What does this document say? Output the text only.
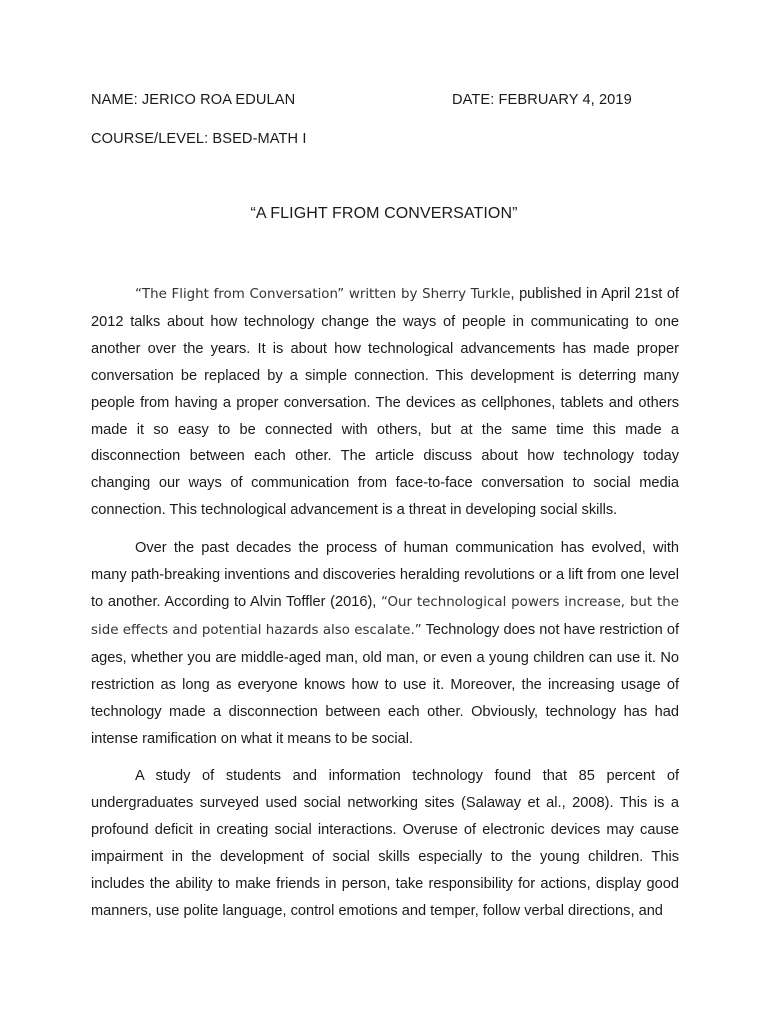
NAME: JERICO ROA EDULAN	DATE: FEBRUARY 4, 2019
COURSE/LEVEL: BSED-MATH I
“A FLIGHT FROM CONVERSATION”

“The Flight from Conversation” written by Sherry Turkle, published in April 21st of 2012 talks about how technology change the ways of people in communicating to one another over the years. It is about how technological advancements has made proper conversation be replaced by a simple connection. This development is deterring many people from having a proper conversation. The devices as cellphones, tablets and others made it so easy to be connected with others, but at the same time this made a disconnection between each other. The article discuss about how technology today changing our ways of communication from face-to-face conversation to social media connection. This technological advancement is a threat in developing social skills.

Over the past decades the process of human communication has evolved, with many path-breaking inventions and discoveries heralding revolutions or a lift from one level to another. According to Alvin Toffler (2016), “Our technological powers increase, but the side effects and potential hazards also escalate.” Technology does not have restriction of ages, whether you are middle-aged man, old man, or even a young children can use it. No restriction as long as everyone knows how to use it. Moreover, the increasing usage of technology made a disconnection between each other. Obviously, technology has had intense ramification on what it means to be social.

A study of students and information technology found that 85 percent of undergraduates surveyed used social networking sites (Salaway et al., 2008). This is a profound deficit in creating social interactions. Overuse of electronic devices may cause impairment in the development of social skills especially to the young children. This includes the ability to make friends in person, take responsibility for actions, display good manners, use polite language, control emotions and temper, follow verbal directions, and
